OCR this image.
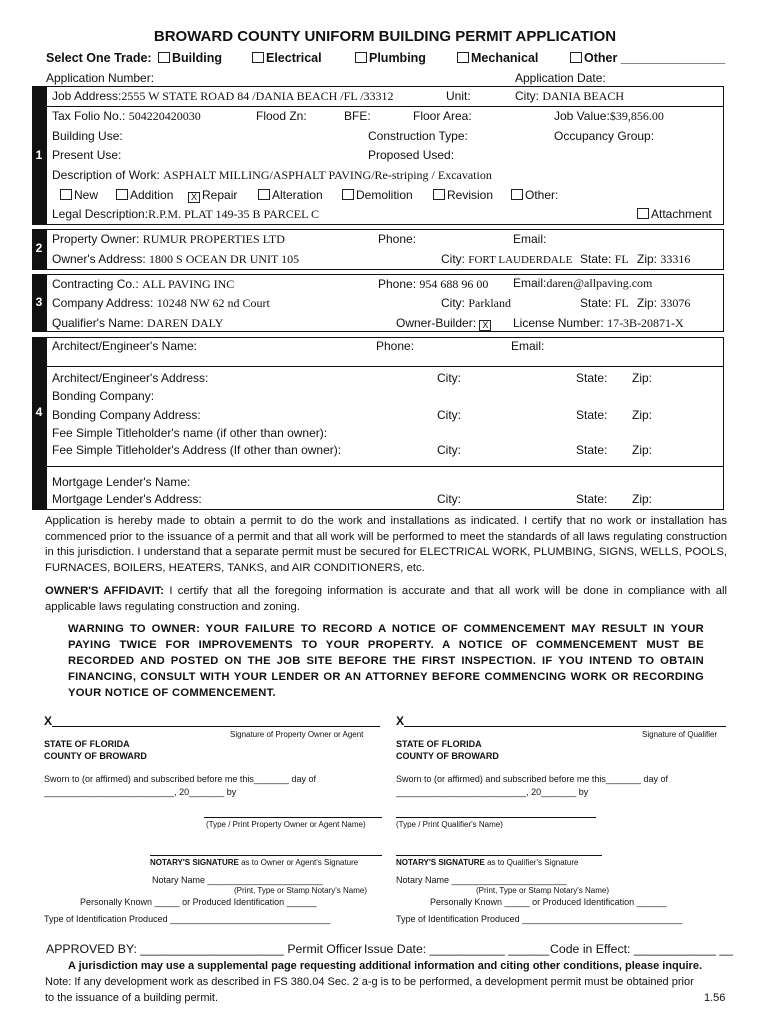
BROWARD COUNTY UNIFORM BUILDING PERMIT APPLICATION
Select One Trade:	Building	Electrical	Plumbing	Mechanical	Other _______________
Application Number:	Application Date:
1
Job Address:2555 W STATE ROAD 84 /DANIA BEACH /FL /33312	Unit:	City: DANIA BEACH
Tax Folio No.: 504220420030	Flood Zn:	BFE:	Floor Area:	Job Value:$39,856.00
Building Use:	Construction Type:	Occupancy Group:
Present Use:	Proposed Used:
Description of Work: ASPHALT MILLING/ASPHALT PAVING/Re-striping / Excavation
New	Addition	X Repair	Alteration	Demolition	Revision	Other:
Legal Description:R.P.M. PLAT 149-35 B PARCEL C	Attachment
2
Property Owner: RUMUR PROPERTIES LTD	Phone:	Email:
Owner's Address: 1800 S OCEAN DR UNIT 105	City: FORT LAUDERDALE State: FL Zip: 33316
3
Contracting Co.: ALL PAVING INC	Phone: 954 688 96 00 Email:daren@allpaving.com
Company Address: 10248 NW 62 nd Court	City: Parkland	State: FL Zip: 33076
Qualifier's Name: DAREN DALY	Owner-Builder: X	License Number: 17-3B-20871-X
4
Architect/Engineer's Name:	Phone:	Email:
Architect/Engineer's Address:	City:	State: Zip:
Bonding Company:
Bonding Company Address:	City:	State: Zip:
Fee Simple Titleholder's name (if other than owner):
Fee Simple Titleholder's Address (If other than owner):	City:	State: Zip:
Mortgage Lender's Name:
Mortgage Lender's Address:	City:	State: Zip:
Application is hereby made to obtain a permit to do the work and installations as indicated. I certify that no work or installation has commenced prior to the issuance of a permit and that all work will be performed to meet the standards of all laws regulating construction in this jurisdiction. I understand that a separate permit must be secured for ELECTRICAL WORK, PLUMBING, SIGNS, WELLS, POOLS, FURNACES, BOILERS, HEATERS, TANKS, and AIR CONDITIONERS, etc.
OWNER'S AFFIDAVIT: I certify that all the foregoing information is accurate and that all work will be done in compliance with all applicable laws regulating construction and zoning.
WARNING TO OWNER: YOUR FAILURE TO RECORD A NOTICE OF COMMENCEMENT MAY RESULT IN YOUR PAYING TWICE FOR IMPROVEMENTS TO YOUR PROPERTY. A NOTICE OF COMMENCEMENT MUST BE RECORDED AND POSTED ON THE JOB SITE BEFORE THE FIRST INSPECTION. IF YOU INTEND TO OBTAIN FINANCING, CONSULT WITH YOUR LENDER OR AN ATTORNEY BEFORE COMMENCING WORK OR RECORDING YOUR NOTICE OF COMMENCEMENT.
X
Signature of Property Owner or Agent
STATE OF FLORIDA
COUNTY OF BROWARD
Sworn to (or affirmed) and subscribed before me this_______ day of
__________________________, 20_______ by
(Type / Print Property Owner or Agent Name)
NOTARY'S SIGNATURE as to Owner or Agent's Signature
Notary Name _______________________
(Print, Type or Stamp Notary's Name)
Personally Known _____ or Produced Identification ______
Type of Identification Produced ________________________________
X
Signature of Qualifier
STATE OF FLORIDA
COUNTY OF BROWARD
Sworn to (or affirmed) and subscribed before me this_______ day of
__________________________, 20_______ by
(Type / Print Qualifier's Name)
NOTARY'S SIGNATURE as to Qualifier's Signature
Notary Name _______________________
(Print, Type or Stamp Notary's Name)
Personally Known _____ or Produced Identification ______
Type of Identification Produced ________________________________
APPROVED BY: _____________________ Permit Officer Issue Date: ___________ ______ Code in Effect: ____________ __
A jurisdiction may use a supplemental page requesting additional information and citing other conditions, please inquire.
Note: If any development work as described in FS 380.04 Sec. 2 a-g is to be performed, a development permit must be obtained prior
to the issuance of a building permit.	1.56
